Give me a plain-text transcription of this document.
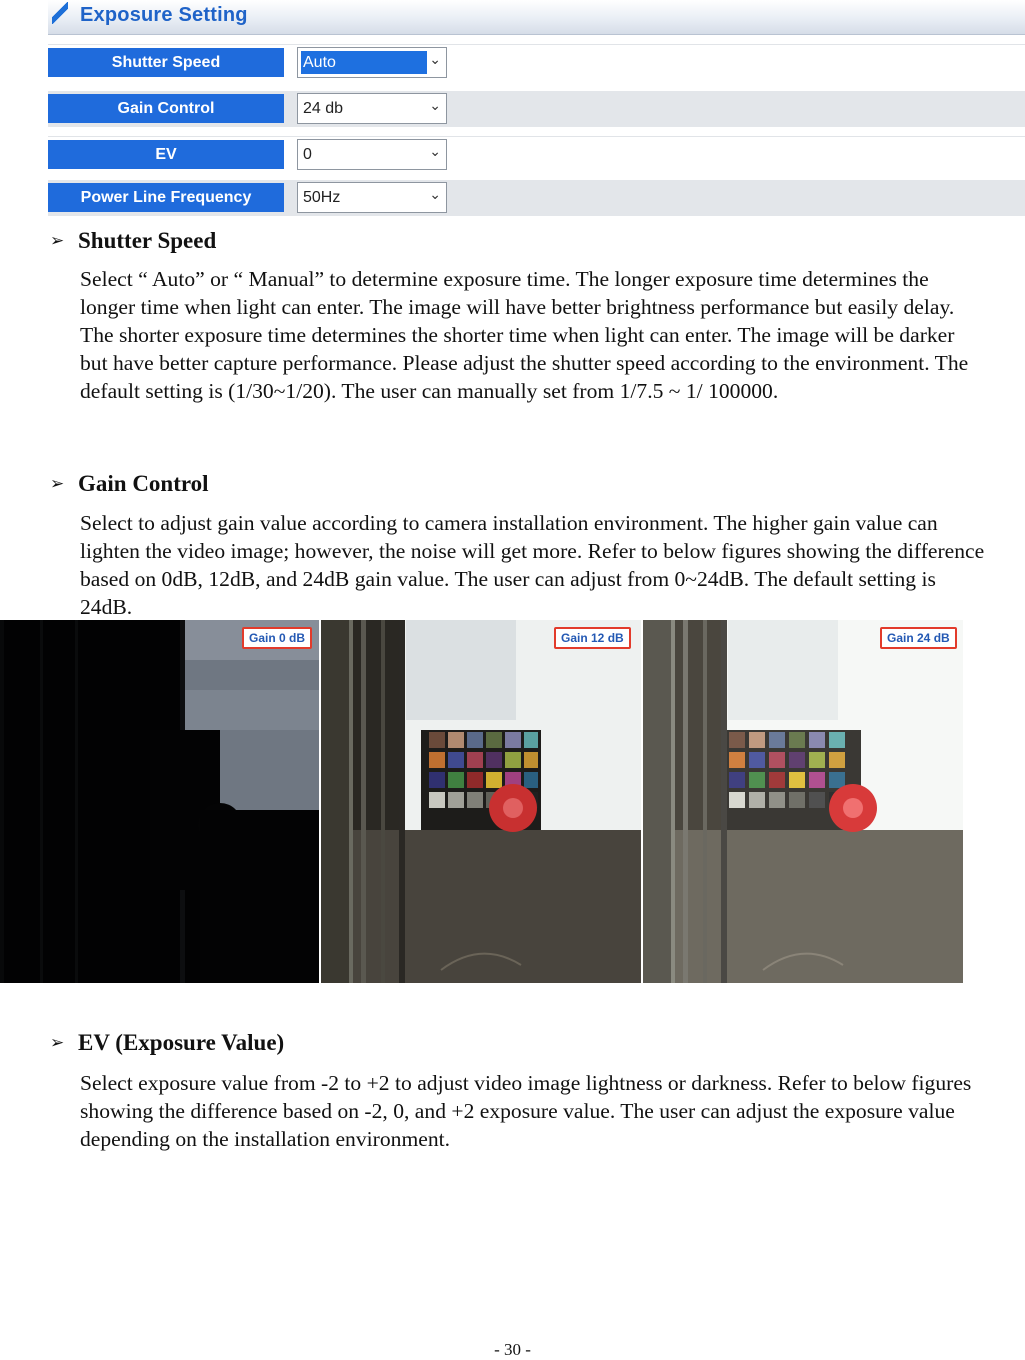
Exposure Setting
Shutter Speed	Auto	⌄
Gain Control	24 db	⌄
EV	0	⌄
Power Line Frequency	50Hz	⌄
➢ Shutter Speed
Select “ Auto” or “ Manual” to determine exposure time. The longer exposure time determines the longer time when light can enter. The image will have better brightness performance but easily delay. The shorter exposure time determines the shorter time when light can enter. The image will be darker but have better capture performance. Please adjust the shutter speed according to the environment. The default setting is (1/30~1/20). The user can manually set from 1/7.5 ~ 1/ 100000.
➢ Gain Control
Select to adjust gain value according to camera installation environment. The higher gain value can lighten the video image; however, the noise will get more. Refer to below figures showing the difference based on 0dB, 12dB, and 24dB gain value. The user can adjust from 0~24dB. The default setting is 24dB.
Gain 0 dB	Gain 12 dB	Gain 24 dB
➢ EV (Exposure Value)
Select exposure value from -2 to +2 to adjust video image lightness or darkness. Refer to below figures showing the difference based on -2, 0, and +2 exposure value. The user can adjust the exposure value depending on the installation environment.
- 30 -
